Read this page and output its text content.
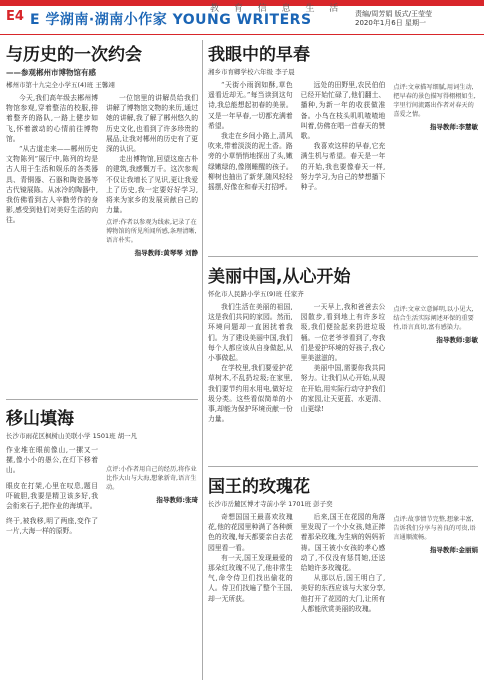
E4 E 学湖南·湖南小作家 YOUNG WRITERS
教 育 信 息 生 活 责编/周芳娟 版式/王莹莹
2020年1月6日 星期一
与历史的一次约会
——参观郴州市博物馆有感
郴州市第十九完全小学五(4)班 王馨翊

今天,我们高年级去郴州博物馆参观,穿着整洁的校服,排着整齐的路队,一路上健步如飞,怀着激动的心情前往博物馆。

“从古道走来——郴州历史文物陈列”展厅中,陈列的均是古人用于生活和娱乐的各类器具、青铜器、石器和陶瓷器等古代镜展陈。从冰冷的陶器中,我仿佛看到古人辛勤劳作的身影,感受到他们对美好生活的向往。

一位馆里的讲解员给我们讲解了博物馆文物的来历,通过她的讲解,我了解了郴州悠久的历史文化,也看到了许多珍贵的展品,让我对郴州的历史有了更深的认识。

走出博物馆,回望这座古朴的建筑,我感慨万千。这次参观不仅让我增长了见识,更让我爱上了历史,我一定要好好学习,将来为家乡的发展贡献自己的力量。

点评:作者以参观为线索,记录了在博物馆的所见所闻所感,条理清晰,语言朴实。
指导教师:黄琴琴 刘静
移山填海
长沙市雨花区枫树山美联小学 1501班 胡一凡

作业堆在眼前像山,一摞又一摞,像小小的愚公,在灯下移着山。

眼皮在打架,心里在叹息,题目吓破胆,我要是精卫该多好,我会衔来石子,把作业的海填平。

终于,被我移,明了两座,变作了一片,大海一样的原野。

点评:小作者用自己的经历,将作业比作大山与大海,想象新奇,语言生动。
指导教师:张琦
我眼中的早春
湘乡市育卿学校六年级 李子晨

“天街小雨润如酥,草色遥看近却无。”每当读到这句诗,我总能想起初春的美景。又是一年早春,一切都充满着希望。

我走在乡间小路上,清风吹来,带着淡淡的泥土香。路旁的小草悄悄地探出了头,嫩绿嫩绿的,像刚睡醒的孩子。柳树也抽出了新芽,随风轻轻摇摆,好像在和春天打招呼。

远处的田野里,农民伯伯已经开始忙碌了,他们翻土、播种,为新一年的收获做准备。小鸟在枝头叽叽喳喳地叫着,仿佛在唱一首春天的赞歌。

我喜欢这样的早春,它充满生机与希望。春天是一年的开始,我也要像春天一样,努力学习,为自己的梦想播下种子。

点评:文章描写细腻,用词生动,把早春的景色描写得栩栩如生,字里行间流露出作者对春天的喜爱之情。
指导教师:李慧敏
美丽中国,从心开始
怀化市人民路小学五(9)班 任家齐

我们生活在美丽的祖国,这是我们共同的家园。然而,环境问题却一直困扰着我们。为了建设美丽中国,我们每个人都应该从自身做起,从小事做起。

在学校里,我们要爱护花草树木,不乱扔垃圾;在家里,我们要节约用水用电,做好垃圾分类。这些看似简单的小事,却能为保护环境贡献一份力量。

一天早上,我和爸爸去公园散步,看到地上有许多垃圾,我们便捡起来扔进垃圾桶。一位老爷爷看到了,夸我们是爱护环境的好孩子,我心里美滋滋的。

美丽中国,需要你我共同努力。让我们从心开始,从现在开始,用实际行动守护我们的家园,让天更蓝、水更清、山更绿!

点评:文章立意鲜明,以小见大,结合生活实际阐述环保的重要性,语言真切,富有感染力。
指导教师:彭敏
国王的玫瑰花
长沙市岳麓区博才寺前小学 1701班 彭子奕

奇想国国王最喜欢玫瑰花,他的花园里种满了各种颜色的玫瑰,每天都要亲自去花园里看一看。

有一天,国王发现最爱的那朵红玫瑰不见了,他非常生气,命令侍卫们找出偷花的人。侍卫们找遍了整个王国,却一无所获。

后来,国王在花园的角落里发现了一个小女孩,她正捧着那朵玫瑰,为生病的妈妈祈祷。国王被小女孩的孝心感动了,不仅没有惩罚她,还送给她许多玫瑰花。

从那以后,国王明白了,美好的东西应该与大家分享,他打开了花园的大门,让所有人都能欣赏美丽的玫瑰。

点评:故事情节完整,想象丰富,告诉我们分享与善良的可贵,语言通顺流畅。
指导教师:金丽娟
